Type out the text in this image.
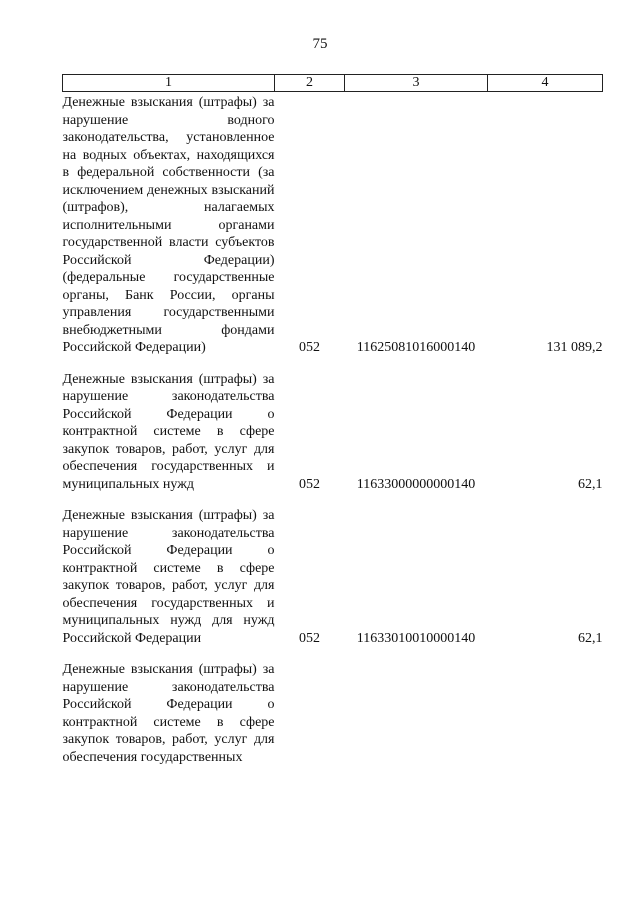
75
1	2	3	4
Денежные взыскания (штрафы) за нарушение водного законодательства, установленное на водных объектах, находящихся в федеральной собственности (за исключением денежных взысканий (штрафов), налагаемых исполнительными органами государственной власти субъектов Российской Федерации) (федеральные государственные органы, Банк России, органы управления государственными внебюджетными фондами Российской Федерации)	052	11625081016000140	131 089,2
Денежные взыскания (штрафы) за нарушение законодательства Российской Федерации о контрактной системе в сфере закупок товаров, работ, услуг для обеспечения государственных и муниципальных нужд	052	11633000000000140	62,1
Денежные взыскания (штрафы) за нарушение законодательства Российской Федерации о контрактной системе в сфере закупок товаров, работ, услуг для обеспечения государственных и муниципальных нужд для нужд Российской Федерации	052	11633010010000140	62,1
Денежные взыскания (штрафы) за нарушение законодательства Российской Федерации о контрактной системе в сфере закупок товаров, работ, услуг для обеспечения государственных			
